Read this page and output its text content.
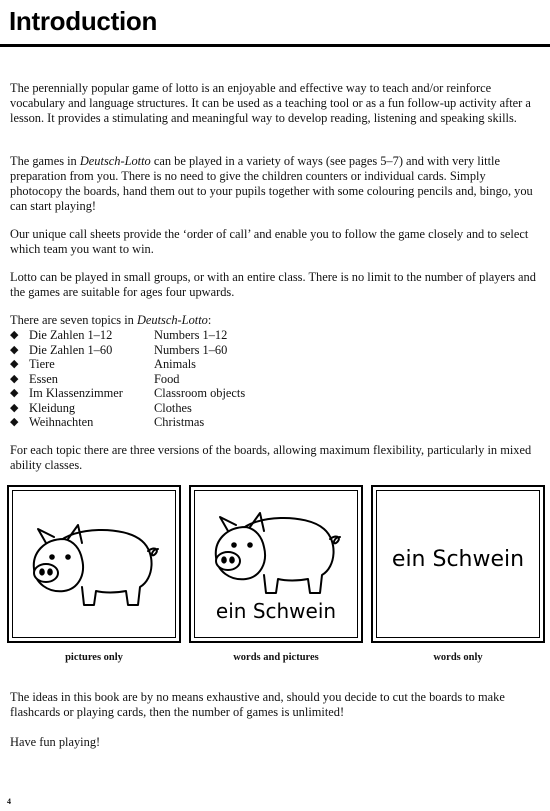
Introduction

The perennially popular game of lotto is an enjoyable and effective way to teach and/or reinforce vocabulary and language structures. It can be used as a teaching tool or as a fun follow-up activity after a lesson. It provides a stimulating and meaningful way to develop reading, listening and speaking skills.

The games in Deutsch-Lotto can be played in a variety of ways (see pages 5–7) and with very little preparation from you. There is no need to give the children counters or individual cards. Simply photocopy the boards, hand them out to your pupils together with some colouring pencils and, bingo, you can start playing!

Our unique call sheets provide the ‘order of call’ and enable you to follow the game closely and to select which team you want to win.

Lotto can be played in small groups, or with an entire class. There is no limit to the number of players and the games are suitable for ages four upwards.

There are seven topics in Deutsch-Lotto:

◆ Die Zahlen 1–12	Numbers 1–12
◆ Die Zahlen 1–60	Numbers 1–60
◆ Tiere	Animals
◆ Essen	Food
◆ Im Klassenzimmer	Classroom objects
◆ Kleidung	Clothes
◆ Weihnachten	Christmas

For each topic there are three versions of the boards, allowing maximum flexibility, particularly in mixed ability classes.

The ideas in this book are by no means exhaustive and, should you decide to cut the boards to make flashcards or playing cards, then the number of games is unlimited!

Have fun playing!

ein Schwein
ein Schwein
pictures only	words and pictures	words only
4
